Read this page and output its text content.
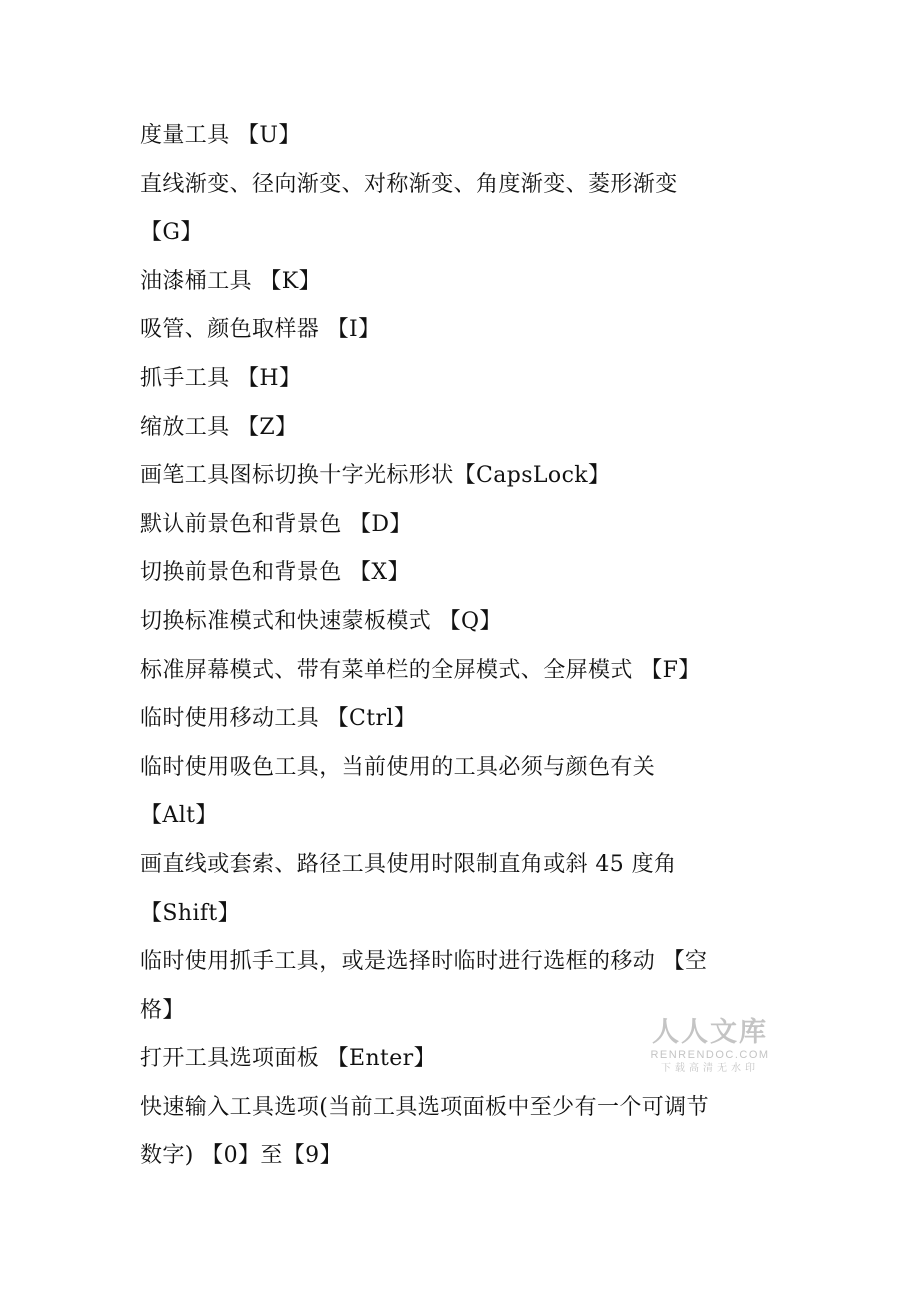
度量工具 【U】
直线渐变、径向渐变、对称渐变、角度渐变、菱形渐变
【G】
油漆桶工具 【K】
吸管、颜色取样器 【I】
抓手工具 【H】
缩放工具 【Z】
画笔工具图标切换十字光标形状【CapsLock】
默认前景色和背景色 【D】
切换前景色和背景色 【X】
切换标准模式和快速蒙板模式 【Q】
标准屏幕模式、带有菜单栏的全屏模式、全屏模式 【F】
临时使用移动工具 【Ctrl】
临时使用吸色工具，当前使用的工具必须与颜色有关
【Alt】
画直线或套索、路径工具使用时限制直角或斜 45 度角
【Shift】
临时使用抓手工具，或是选择时临时进行选框的移动 【空
格】
打开工具选项面板 【Enter】
快速输入工具选项(当前工具选项面板中至少有一个可调节
数字) 【0】至【9】
人人文库
RENRENDOC.COM
下载高清无水印
